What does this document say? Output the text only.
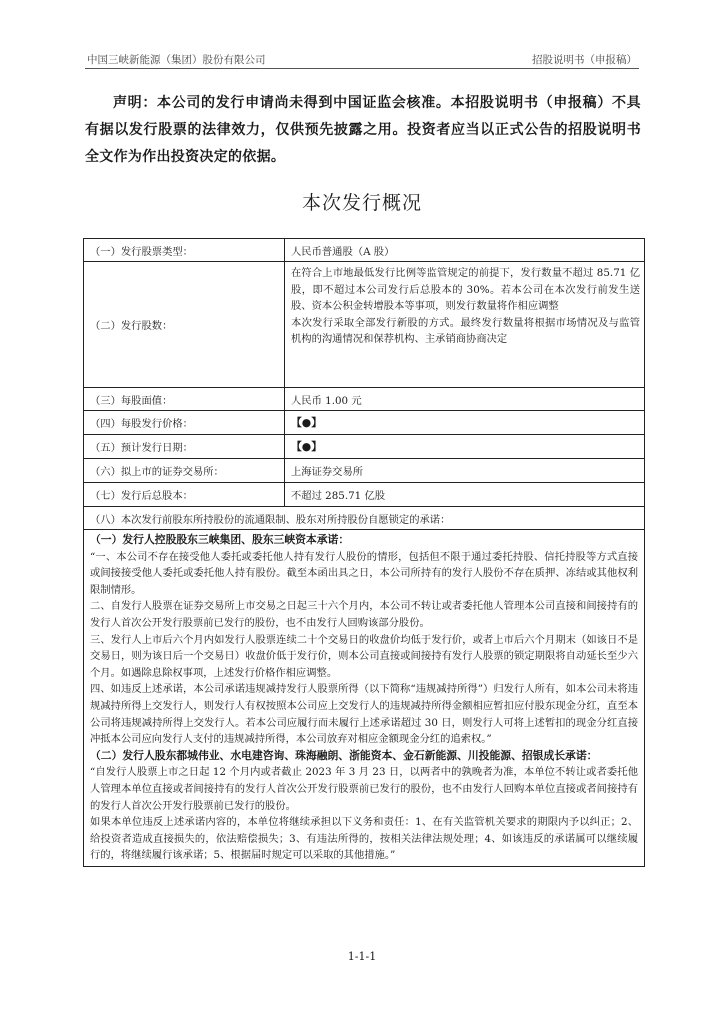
中国三峡新能源（集团）股份有限公司	招股说明书（申报稿）
声明：本公司的发行申请尚未得到中国证监会核准。本招股说明书（申报稿）不具有据以发行股票的法律效力，仅供预先披露之用。投资者应当以正式公告的招股说明书全文作为作出投资决定的依据。
本次发行概况
（一）发行股票类型：	人民币普通股（A 股）
（二）发行股数：
在符合上市地最低发行比例等监管规定的前提下，发行数量不超过 85.71 亿股，即不超过本公司发行后总股本的 30%。若本公司在本次发行前发生送股、资本公积金转增股本等事项，则发行数量将作相应调整
本次发行采取全部发行新股的方式。最终发行数量将根据市场情况及与监管机构的沟通情况和保荐机构、主承销商协商决定
（三）每股面值：	人民币 1.00 元
（四）每股发行价格：	【●】
（五）预计发行日期：	【●】
（六）拟上市的证券交易所：	上海证券交易所
（七）发行后总股本：	不超过 285.71 亿股
（八）本次发行前股东所持股份的流通限制、股东对所持股份自愿锁定的承诺：

（一）发行人控股股东三峡集团、股东三峡资本承诺：

“一、本公司不存在接受他人委托或委托他人持有发行人股份的情形，包括但不限于通过委托持股、信托持股等方式直接或间接接受他人委托或委托他人持有股份。截至本函出具之日，本公司所持有的发行人股份不存在质押、冻结或其他权利限制情形。

二、自发行人股票在证券交易所上市交易之日起三十六个月内，本公司不转让或者委托他人管理本公司直接和间接持有的发行人首次公开发行股票前已发行的股份，也不由发行人回购该部分股份。

三、发行人上市后六个月内如发行人股票连续二十个交易日的收盘价均低于发行价，或者上市后六个月期末（如该日不是交易日，则为该日后一个交易日）收盘价低于发行价，则本公司直接或间接持有发行人股票的锁定期限将自动延长至少六个月。如遇除息除权事项，上述发行价格作相应调整。

四、如违反上述承诺，本公司承诺违规减持发行人股票所得（以下简称“违规减持所得”）归发行人所有，如本公司未将违规减持所得上交发行人，则发行人有权按照本公司应上交发行人的违规减持所得金额相应暂扣应付股东现金分红，直至本公司将违规减持所得上交发行人。若本公司应履行而未履行上述承诺超过 30 日，则发行人可将上述暂扣的现金分红直接冲抵本公司应向发行人支付的违规减持所得，本公司放弃对相应金额现金分红的追索权。”

（二）发行人股东都城伟业、水电建咨询、珠海融朗、浙能资本、金石新能源、川投能源、招银成长承诺：

“自发行人股票上市之日起 12 个月内或者截止 2023 年 3 月 23 日，以两者中的孰晚者为准，本单位不转让或者委托他人管理本单位直接或者间接持有的发行人首次公开发行股票前已发行的股份，也不由发行人回购本单位直接或者间接持有的发行人首次公开发行股票前已发行的股份。

如果本单位违反上述承诺内容的，本单位将继续承担以下义务和责任：1、在有关监管机关要求的期限内予以纠正；2、给投资者造成直接损失的，依法赔偿损失；3、有违法所得的，按相关法律法规处理；4、如该违反的承诺属可以继续履行的，将继续履行该承诺；5、根据届时规定可以采取的其他措施。”

1-1-1
